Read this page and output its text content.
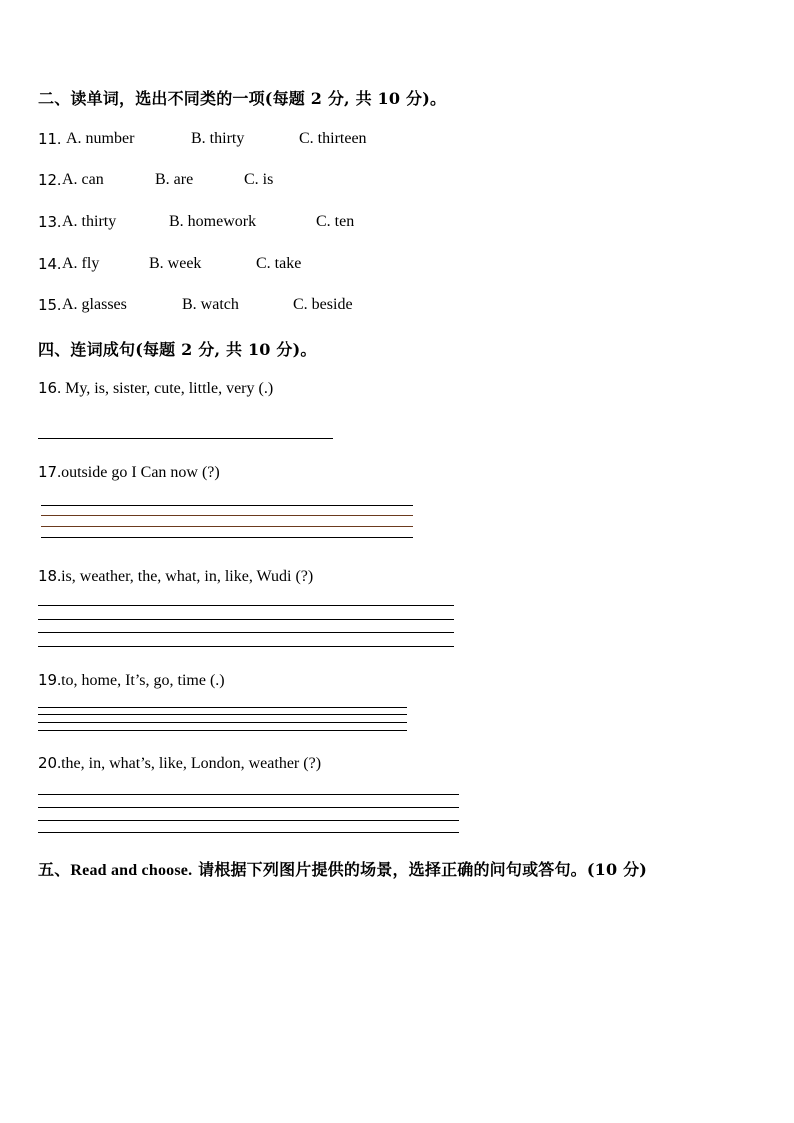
二、读单词，选出不同类的一项(每题 2 分, 共 10 分)。
11. A. number	B. thirty	C. thirteen
12. A. can	B. are	C. is
13. A. thirty	B. homework	C. ten
14. A. fly	B. week	C. take
15. A. glasses	B. watch	C. beside
四、连词成句(每题 2 分, 共 10 分)。
16. My, is, sister, cute, little, very (.)
17.outside go I Can now (?)
18.is, weather, the, what, in, like, Wudi (?)
19.to, home, It’s, go, time (.)
20.the, in, what’s, like, London, weather (?)
五、Read and choose. 请根据下列图片提供的场景，选择正确的问句或答句。(10 分)
